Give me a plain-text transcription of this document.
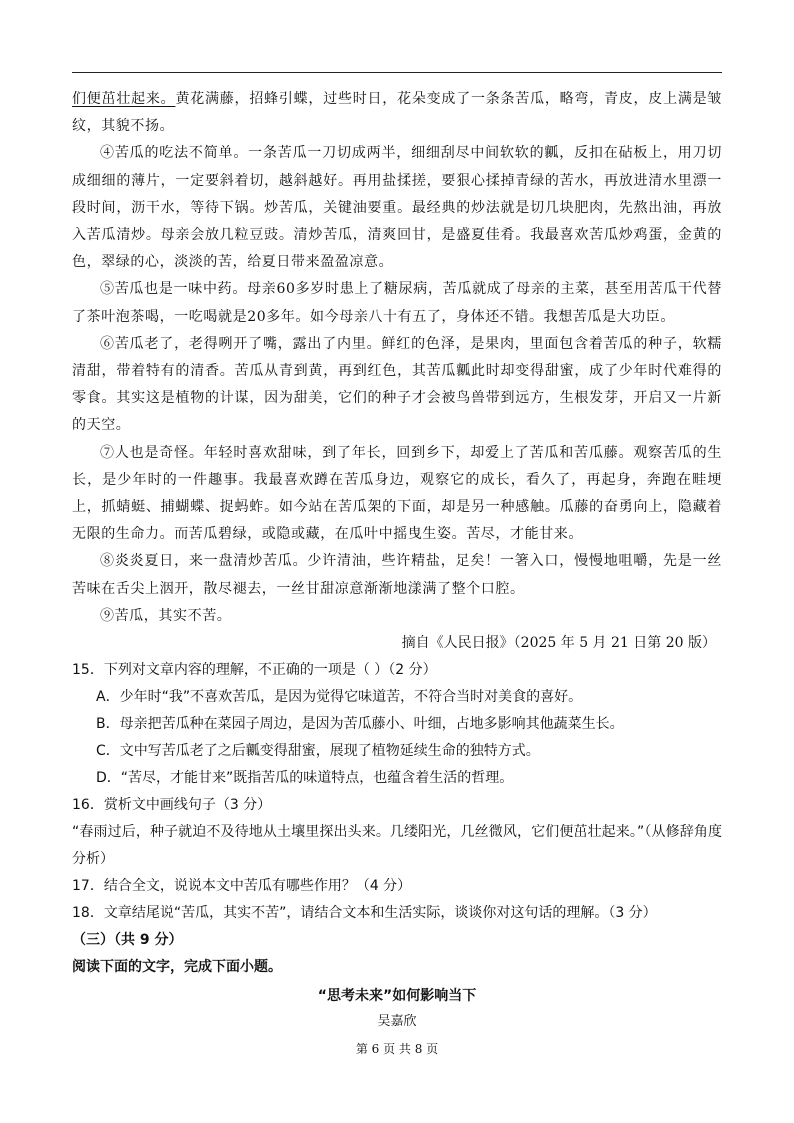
们便茁壮起来。黄花满藤，招蜂引蝶，过些时日，花朵变成了一条条苦瓜，略弯，青皮，皮上满是皱纹，其貌不扬。

④苦瓜的吃法不简单。一条苦瓜一刀切成两半，细细刮尽中间软软的瓤，反扣在砧板上，用刀切成细细的薄片，一定要斜着切，越斜越好。再用盐揉搓，要狠心揉掉青绿的苦水，再放进清水里漂一段时间，沥干水，等待下锅。炒苦瓜，关键油要重。最经典的炒法就是切几块肥肉，先熬出油，再放入苦瓜清炒。母亲会放几粒豆豉。清炒苦瓜，清爽回甘，是盛夏佳肴。我最喜欢苦瓜炒鸡蛋，金黄的色，翠绿的心，淡淡的苦，给夏日带来盈盈凉意。

⑤苦瓜也是一味中药。母亲60多岁时患上了糖尿病，苦瓜就成了母亲的主菜，甚至用苦瓜干代替了茶叶泡茶喝，一吃喝就是20多年。如今母亲八十有五了，身体还不错。我想苦瓜是大功臣。

⑥苦瓜老了，老得咧开了嘴，露出了内里。鲜红的色泽，是果肉，里面包含着苦瓜的种子，软糯清甜，带着特有的清香。苦瓜从青到黄，再到红色，其苦瓜瓤此时却变得甜蜜，成了少年时代难得的零食。其实这是植物的计谋，因为甜美，它们的种子才会被鸟兽带到远方，生根发芽，开启又一片新的天空。

⑦人也是奇怪。年轻时喜欢甜味，到了年长，回到乡下，却爱上了苦瓜和苦瓜藤。观察苦瓜的生长，是少年时的一件趣事。我最喜欢蹲在苦瓜身边，观察它的成长，看久了，再起身，奔跑在畦埂上，抓蜻蜓、捕蝴蝶、捉蚂蚱。如今站在苦瓜架的下面，却是另一种感触。瓜藤的奋勇向上，隐藏着无限的生命力。而苦瓜碧绿，或隐或藏，在瓜叶中摇曳生姿。苦尽，才能甘来。

⑧炎炎夏日，来一盘清炒苦瓜。少许清油，些许精盐，足矣！一箸入口，慢慢地咀嚼，先是一丝苦味在舌尖上洇开，散尽褪去，一丝甘甜凉意渐渐地漾满了整个口腔。

⑨苦瓜，其实不苦。

摘自《人民日报》（2025 年 5 月 21 日第 20 版）

15．下列对文章内容的理解，不正确的一项是（ ）（2 分）

A．少年时“我”不喜欢苦瓜，是因为觉得它味道苦，不符合当时对美食的喜好。

B．母亲把苦瓜种在菜园子周边，是因为苦瓜藤小、叶细，占地多影响其他蔬菜生长。

C．文中写苦瓜老了之后瓤变得甜蜜，展现了植物延续生命的独特方式。

D．“苦尽，才能甘来”既指苦瓜的味道特点，也蕴含着生活的哲理。

16．赏析文中画线句子（3 分）

“春雨过后，种子就迫不及待地从土壤里探出头来。几缕阳光，几丝微风，它们便茁壮起来。”（从修辞角度分析）

17．结合全文，说说本文中苦瓜有哪些作用？（4 分）

18．文章结尾说“苦瓜，其实不苦”，请结合文本和生活实际，谈谈你对这句话的理解。（3 分）

（三）（共 9 分）

阅读下面的文字，完成下面小题。

“思考未来”如何影响当下

吴嘉欣

第 6 页 共 8 页
